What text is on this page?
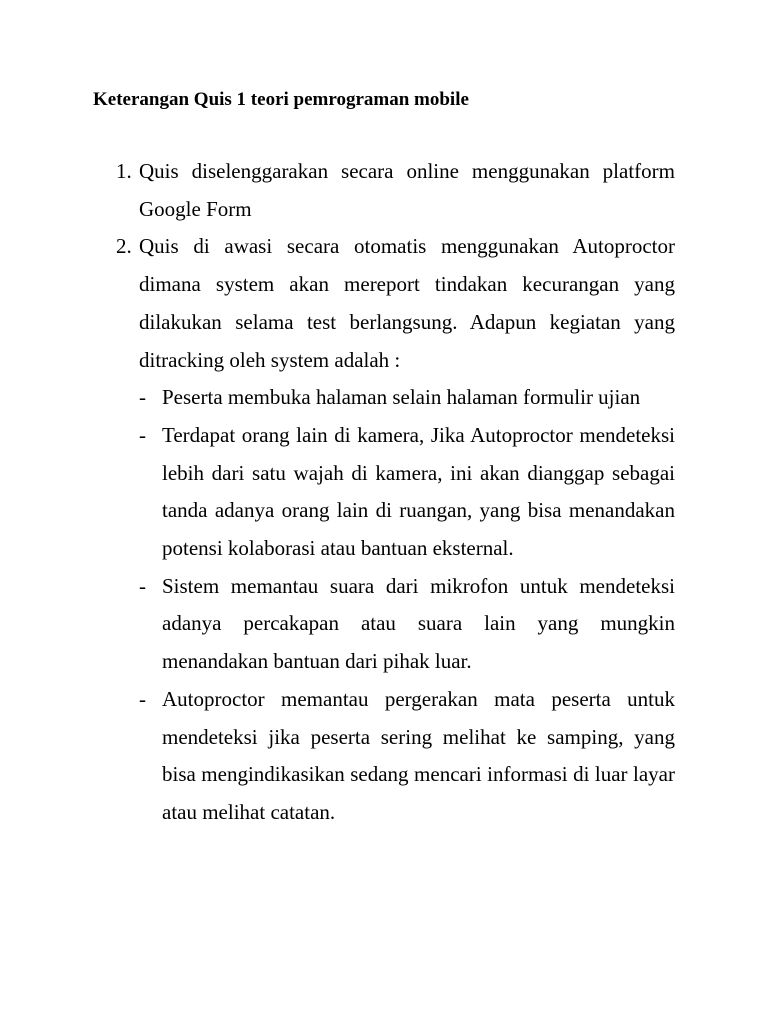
Keterangan Quis 1 teori pemrograman mobile
1. Quis diselenggarakan secara online menggunakan platform Google Form
2. Quis di awasi secara otomatis menggunakan Autoproctor dimana system akan mereport tindakan kecurangan yang dilakukan selama test berlangsung. Adapun kegiatan yang ditracking oleh system adalah :
- Peserta membuka halaman selain halaman formulir ujian
- Terdapat orang lain di kamera, Jika Autoproctor mendeteksi lebih dari satu wajah di kamera, ini akan dianggap sebagai tanda adanya orang lain di ruangan, yang bisa menandakan potensi kolaborasi atau bantuan eksternal.
- Sistem memantau suara dari mikrofon untuk mendeteksi adanya percakapan atau suara lain yang mungkin menandakan bantuan dari pihak luar.
- Autoproctor memantau pergerakan mata peserta untuk mendeteksi jika peserta sering melihat ke samping, yang bisa mengindikasikan sedang mencari informasi di luar layar atau melihat catatan.
